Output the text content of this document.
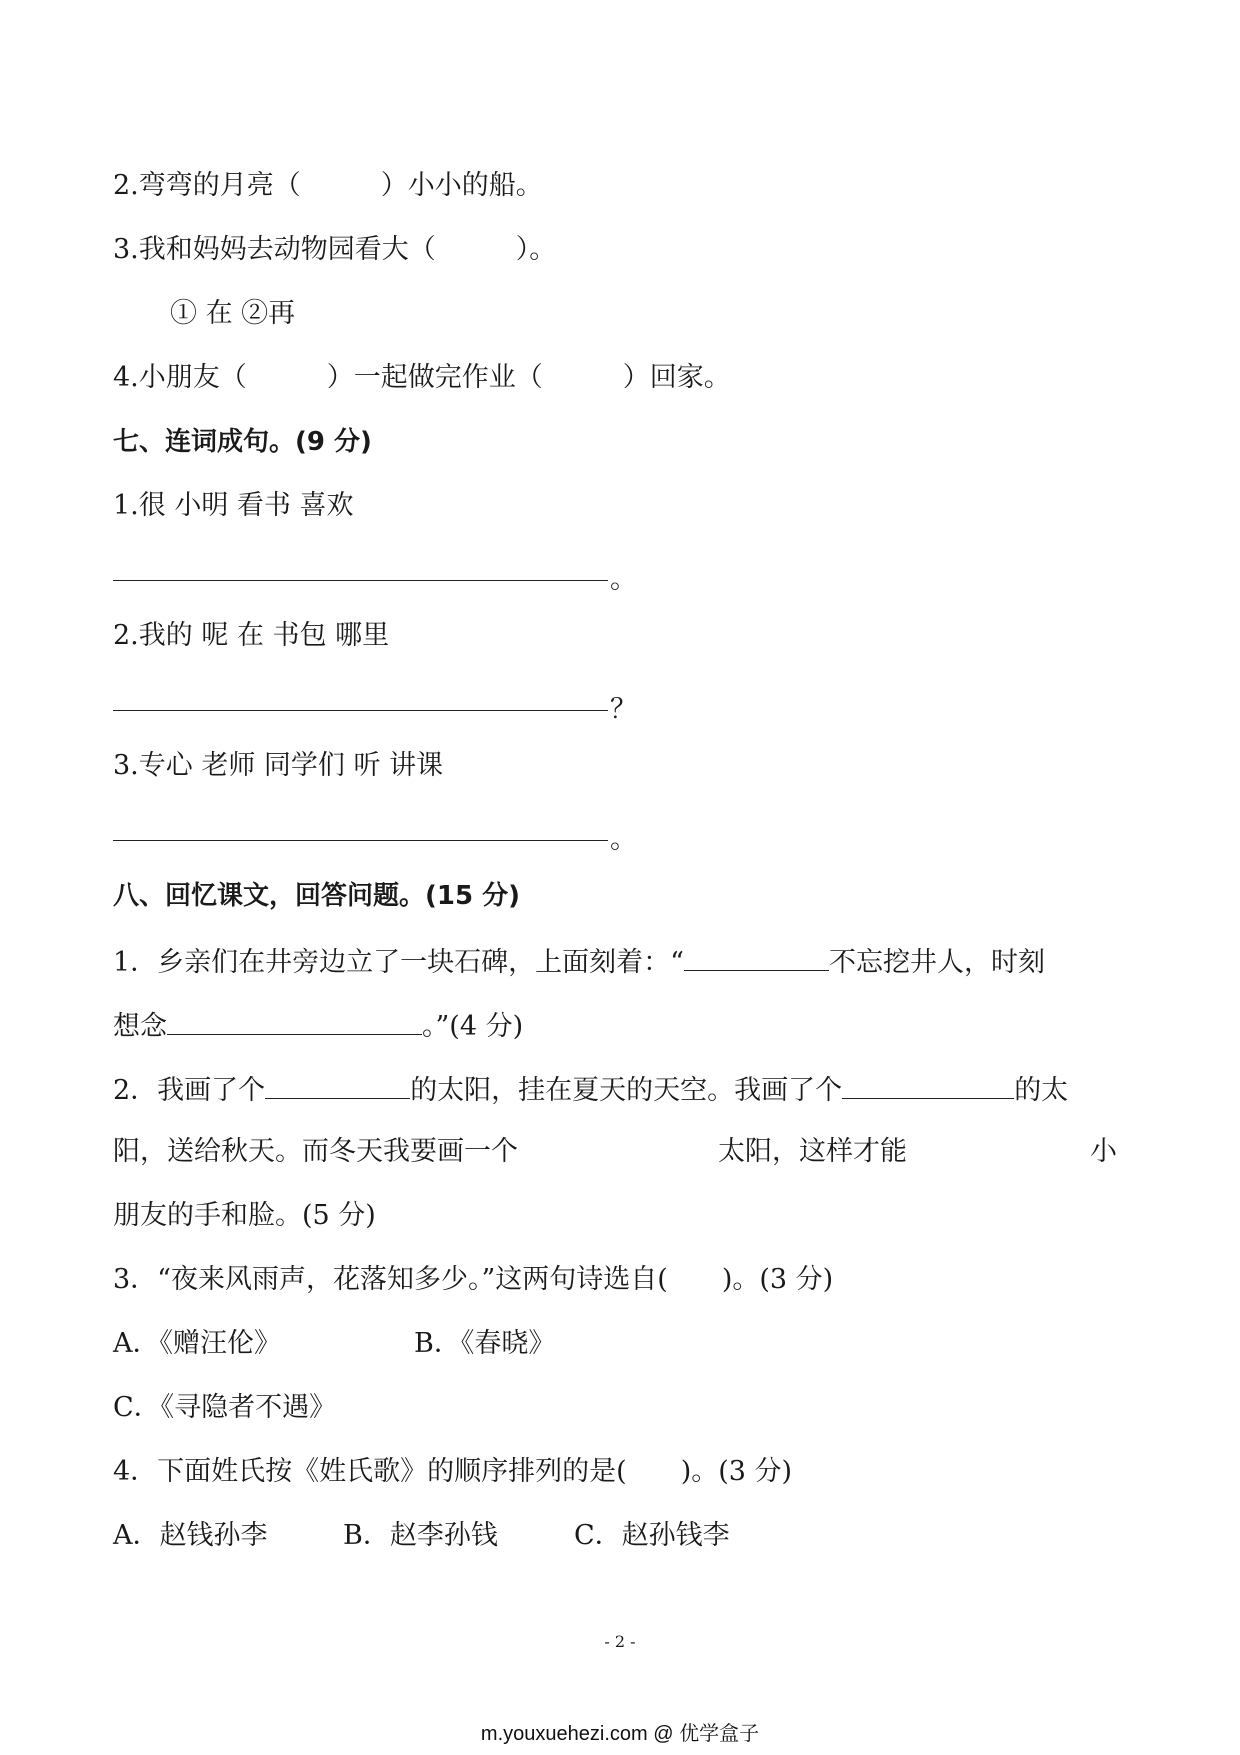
2.弯弯的月亮（	）小小的船。
3.我和妈妈去动物园看大（	）。
① 在 ②再
4.小朋友（	）一起做完作业（	）回家。
七、连词成句。(9 分)
1.很 小明 看书 喜欢
。
2.我的 呢 在 书包 哪里
？
3.专心 老师 同学们 听 讲课
。
八、回忆课文，回答问题。(15 分)
1．乡亲们在井旁边立了一块石碑，上面刻着：“	不忘挖井人，时刻
想念	。”(4 分)
2．我画了个	的太阳，挂在夏天的天空。我画了个	的太
阳，送给秋天。而冬天我要画一个	太阳，这样才能	小
朋友的手和脸。(5 分)
3．“夜来风雨声，花落知多少。”这两句诗选自(　　)。(3 分)
A．《赠汪伦》	B．《春晓》
C．《寻隐者不遇》
4．下面姓氏按《姓氏歌》的顺序排列的是(　　)。(3 分)
A．赵钱孙李	B．赵李孙钱	C．赵孙钱李
- 2 -
m.youxuehezi.com @ 优学盒子
